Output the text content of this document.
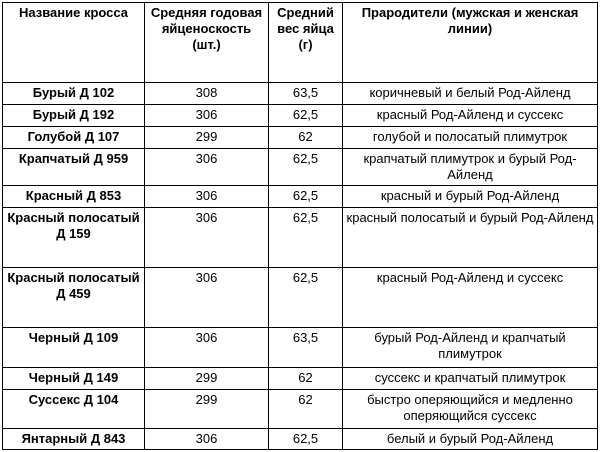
Название кросса	Средняя годовая яйценоскость (шт.)	Средний вес яйца (г)	Прародители (мужская и женская линии)
Бурый Д 102	308	63,5	коричневый и белый Род-Айленд
Бурый Д 192	306	62,5	красный Род-Айленд и суссекс
Голубой Д 107	299	62	голубой и полосатый плимутрок
Крапчатый Д 959	306	62,5	крапчатый плимутрок и бурый Род-Айленд
Красный Д 853	306	62,5	красный и бурый Род-Айленд
Красный полосатый Д 159	306	62,5	красный полосатый и бурый Род-Айленд
Красный полосатый Д 459	306	62,5	красный Род-Айленд и суссекс
Черный Д 109	306	63,5	бурый Род-Айленд и крапчатый плимутрок
Черный Д 149	299	62	суссекс и крапчатый плимутрок
Суссекс Д 104	299	62	быстро оперяющийся и медленно оперяющийся суссекс
Янтарный Д 843	306	62,5	белый и бурый Род-Айленд
